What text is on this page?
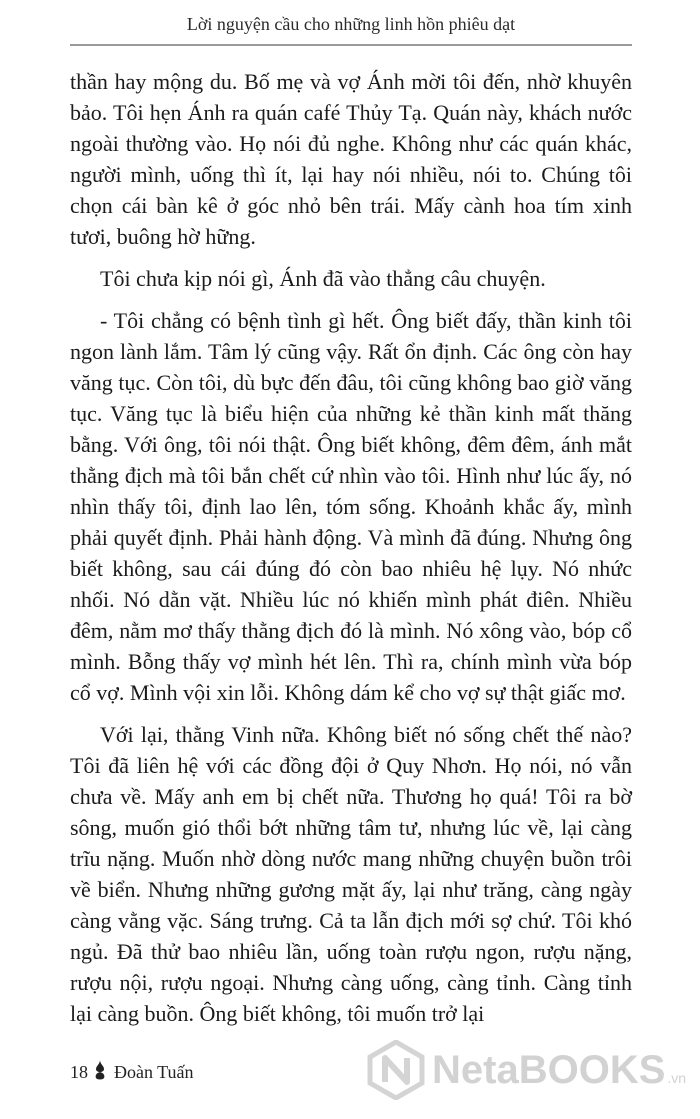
Lời nguyện cầu cho những linh hồn phiêu dạt

thần hay mộng du. Bố mẹ và vợ Ánh mời tôi đến, nhờ khuyên bảo. Tôi hẹn Ánh ra quán café Thủy Tạ. Quán này, khách nước ngoài thường vào. Họ nói đủ nghe. Không như các quán khác, người mình, uống thì ít, lại hay nói nhiều, nói to. Chúng tôi chọn cái bàn kê ở góc nhỏ bên trái. Mấy cành hoa tím xinh tươi, buông hờ hững.

Tôi chưa kịp nói gì, Ánh đã vào thẳng câu chuyện.

- Tôi chẳng có bệnh tình gì hết. Ông biết đấy, thần kinh tôi ngon lành lắm. Tâm lý cũng vậy. Rất ổn định. Các ông còn hay văng tục. Còn tôi, dù bực đến đâu, tôi cũng không bao giờ văng tục. Văng tục là biểu hiện của những kẻ thần kinh mất thăng bằng. Với ông, tôi nói thật. Ông biết không, đêm đêm, ánh mắt thằng địch mà tôi bắn chết cứ nhìn vào tôi. Hình như lúc ấy, nó nhìn thấy tôi, định lao lên, tóm sống. Khoảnh khắc ấy, mình phải quyết định. Phải hành động. Và mình đã đúng. Nhưng ông biết không, sau cái đúng đó còn bao nhiêu hệ lụy. Nó nhức nhối. Nó dằn vặt. Nhiều lúc nó khiến mình phát điên. Nhiều đêm, nằm mơ thấy thằng địch đó là mình. Nó xông vào, bóp cổ mình. Bỗng thấy vợ mình hét lên. Thì ra, chính mình vừa bóp cổ vợ. Mình vội xin lỗi. Không dám kể cho vợ sự thật giấc mơ.

Với lại, thằng Vinh nữa. Không biết nó sống chết thế nào? Tôi đã liên hệ với các đồng đội ở Quy Nhơn. Họ nói, nó vẫn chưa về. Mấy anh em bị chết nữa. Thương họ quá! Tôi ra bờ sông, muốn gió thổi bớt những tâm tư, nhưng lúc về, lại càng trĩu nặng. Muốn nhờ dòng nước mang những chuyện buồn trôi về biển. Nhưng những gương mặt ấy, lại như trăng, càng ngày càng vằng vặc. Sáng trưng. Cả ta lẫn địch mới sợ chứ. Tôi khó ngủ. Đã thử bao nhiêu lần, uống toàn rượu ngon, rượu nặng, rượu nội, rượu ngoại. Nhưng càng uống, càng tỉnh. Càng tỉnh lại càng buồn. Ông biết không, tôi muốn trở lại

18 Đoàn Tuấn	NetaBOOKS .vn
